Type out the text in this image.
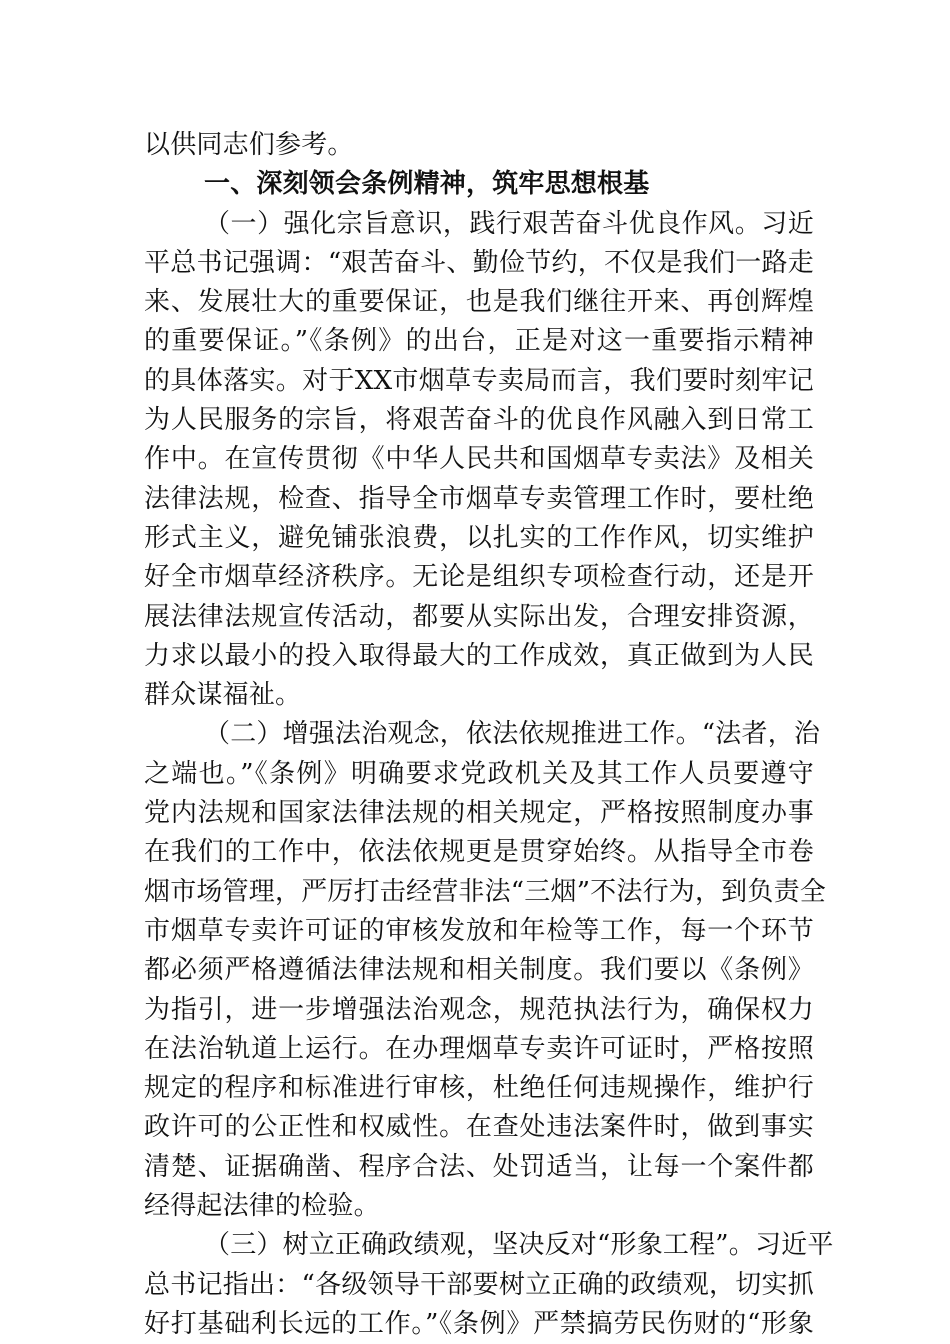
以供同志们参考。
一、深刻领会条例精神，筑牢思想根基
（一）强化宗旨意识，践行艰苦奋斗优良作风。习近
平总书记强调：“艰苦奋斗、勤俭节约，不仅是我们一路走
来、发展壮大的重要保证，也是我们继往开来、再创辉煌
的重要保证。”《条例》的出台，正是对这一重要指示精神
的具体落实。对于XX市烟草专卖局而言，我们要时刻牢记
为人民服务的宗旨，将艰苦奋斗的优良作风融入到日常工
作中。在宣传贯彻《中华人民共和国烟草专卖法》及相关
法律法规，检查、指导全市烟草专卖管理工作时，要杜绝
形式主义，避免铺张浪费，以扎实的工作作风，切实维护
好全市烟草经济秩序。无论是组织专项检查行动，还是开
展法律法规宣传活动，都要从实际出发，合理安排资源，
力求以最小的投入取得最大的工作成效，真正做到为人民
群众谋福祉。
（二）增强法治观念，依法依规推进工作。“法者，治
之端也。”《条例》明确要求党政机关及其工作人员要遵守
党内法规和国家法律法规的相关规定，严格按照制度办事
在我们的工作中，依法依规更是贯穿始终。从指导全市卷
烟市场管理，严厉打击经营非法“三烟”不法行为，到负责全
市烟草专卖许可证的审核发放和年检等工作，每一个环节
都必须严格遵循法律法规和相关制度。我们要以《条例》
为指引，进一步增强法治观念，规范执法行为，确保权力
在法治轨道上运行。在办理烟草专卖许可证时，严格按照
规定的程序和标准进行审核，杜绝任何违规操作，维护行
政许可的公正性和权威性。在查处违法案件时，做到事实
清楚、证据确凿、程序合法、处罚适当，让每一个案件都
经得起法律的检验。
（三）树立正确政绩观，坚决反对“形象工程”。习近平
总书记指出：“各级领导干部要树立正确的政绩观，切实抓
好打基础利长远的工作。”《条例》严禁搞劳民伤财的“形象
